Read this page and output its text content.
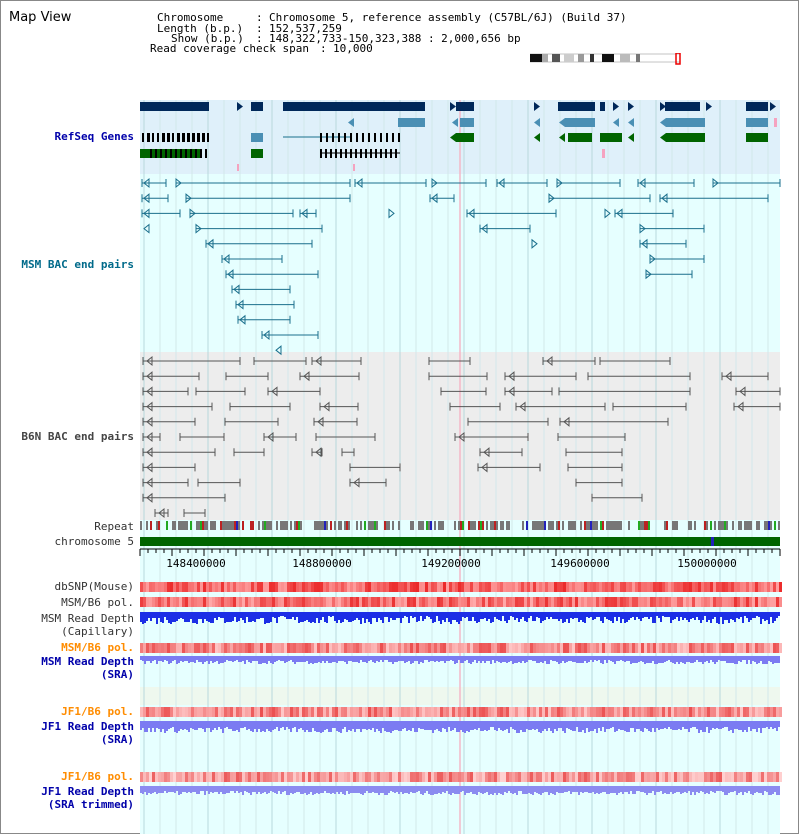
Map View	Chromosome	: Chromosome 5, reference assembly (C57BL/6J) (Build 37)
Length (b.p.) : 152,537,259
Show (b.p.) : 148,322,733-150,323,388 : 2,000,656 bp
Read coverage check span : 10,000
RefSeq Genes
MSM BAC end pairs
B6N BAC end pairs
Repeat
chromosome 5
dbSNP(Mouse)
MSM/B6 pol.
MSM Read Depth
(Capillary)
MSM/B6 pol.
MSM Read Depth
(SRA)
JF1/B6 pol.
JF1 Read Depth
(SRA)
JF1/B6 pol.
JF1 Read Depth
(SRA trimmed)
148400000	148800000	149200000	149600000	150000000
